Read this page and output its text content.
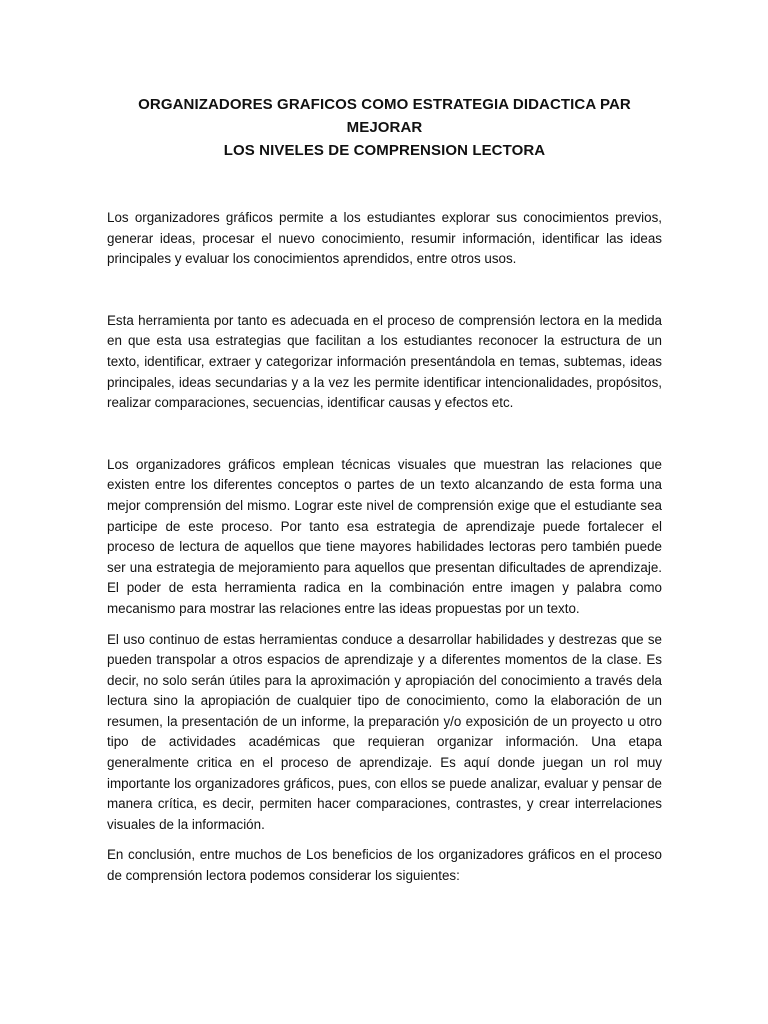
ORGANIZADORES GRAFICOS COMO ESTRATEGIA DIDACTICA PAR MEJORAR
LOS NIVELES DE COMPRENSION LECTORA

Los organizadores gráficos permite a los estudiantes explorar sus conocimientos previos, generar ideas, procesar el nuevo conocimiento, resumir información, identificar las ideas principales y evaluar los conocimientos aprendidos, entre otros usos.

Esta herramienta por tanto es adecuada en el proceso de comprensión lectora en la medida en que esta usa estrategias que facilitan a los estudiantes reconocer la estructura de un texto, identificar, extraer y categorizar información presentándola en temas, subtemas, ideas principales, ideas secundarias y a la vez les permite identificar intencionalidades, propósitos, realizar comparaciones, secuencias, identificar causas y efectos etc.

Los organizadores gráficos emplean técnicas visuales que muestran las relaciones que existen entre los diferentes conceptos o partes de un texto alcanzando de esta forma una mejor comprensión del mismo. Lograr este nivel de comprensión exige que el estudiante sea participe de este proceso. Por tanto esa estrategia de aprendizaje puede fortalecer el proceso de lectura de aquellos que tiene mayores habilidades lectoras pero también puede ser una estrategia de mejoramiento para aquellos que presentan dificultades de aprendizaje. El poder de esta herramienta radica en la combinación entre imagen y palabra como mecanismo para mostrar las relaciones entre las ideas propuestas por un texto.

El uso continuo de estas herramientas conduce a desarrollar habilidades y destrezas que se pueden transpolar a otros espacios de aprendizaje y a diferentes momentos de la clase. Es decir, no solo serán útiles para la aproximación y apropiación del conocimiento a través dela lectura sino la apropiación de cualquier tipo de conocimiento, como la elaboración de un resumen, la presentación de un informe, la preparación y/o exposición de un proyecto u otro tipo de actividades académicas que requieran organizar información. Una etapa generalmente critica en el proceso de aprendizaje. Es aquí donde juegan un rol muy importante los organizadores gráficos, pues, con ellos se puede analizar, evaluar y pensar de manera crítica, es decir, permiten hacer comparaciones, contrastes, y crear interrelaciones visuales de la información.

En conclusión, entre muchos de Los beneficios de los organizadores gráficos en el proceso de comprensión lectora podemos considerar los siguientes:
